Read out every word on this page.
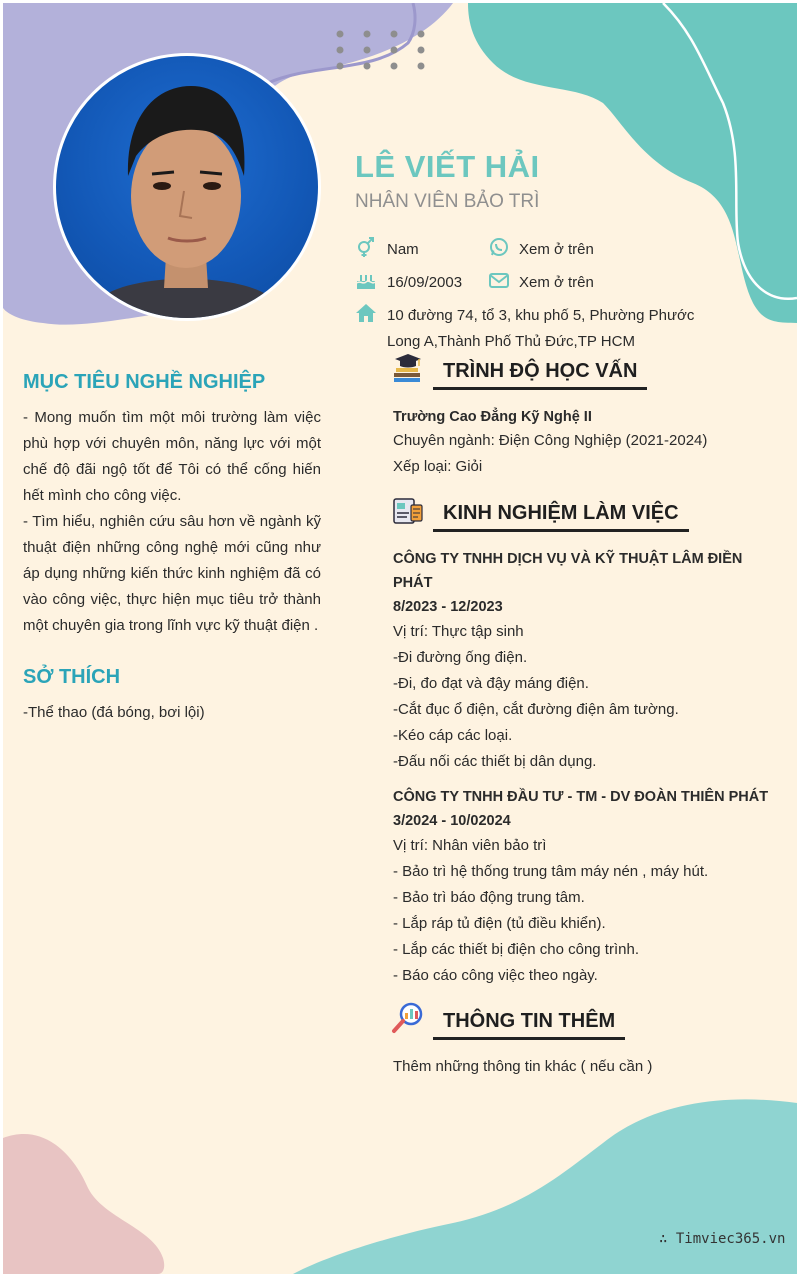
LÊ VIẾT HẢI
NHÂN VIÊN BẢO TRÌ
Nam	Xem ở trên
16/09/2003	Xem ở trên
10 đường 74, tổ 3, khu phố 5, Phường Phước
Long A,Thành Phố Thủ Đức,TP HCM
MỤC TIÊU NGHỀ NGHIỆP
- Mong muốn tìm một môi trường làm việc phù hợp với chuyên môn, năng lực với một chế độ đãi ngộ tốt để Tôi có thể cống hiến hết mình cho công việc.
- Tìm hiểu, nghiên cứu sâu hơn về ngành kỹ thuật điện những công nghệ mới cũng như áp dụng những kiến thức kinh nghiệm đã có vào công việc, thực hiện mục tiêu trở thành một chuyên gia trong lĩnh vực kỹ thuật điện .
SỞ THÍCH
-Thể thao (đá bóng, bơi lội)
TRÌNH ĐỘ HỌC VẤN
Trường Cao Đẳng Kỹ Nghệ II
Chuyên ngành: Điện Công Nghiệp (2021-2024)
Xếp loại: Giỏi
KINH NGHIỆM LÀM VIỆC
CÔNG TY TNHH DỊCH VỤ VÀ KỸ THUẬT LÂM ĐIỀN PHÁT
8/2023 - 12/2023
Vị trí: Thực tập sinh
-Đi đường ống điện.
-Đi, đo đạt và đậy máng điện.
-Cắt đục ổ điện, cắt đường điện âm tường.
-Kéo cáp các loại.
-Đấu nối các thiết bị dân dụng.
CÔNG TY TNHH ĐẦU TƯ - TM - DV ĐOÀN THIÊN PHÁT
3/2024 - 10/02024
Vị trí: Nhân viên bảo trì
- Bảo trì hệ thống trung tâm máy nén , máy hút.
- Bảo trì báo động trung tâm.
- Lắp ráp tủ điện (tủ điều khiển).
- Lắp các thiết bị điện cho công trình.
- Báo cáo công việc theo ngày.
THÔNG TIN THÊM
Thêm những thông tin khác ( nếu cần )
∴ Timviec365.vn
